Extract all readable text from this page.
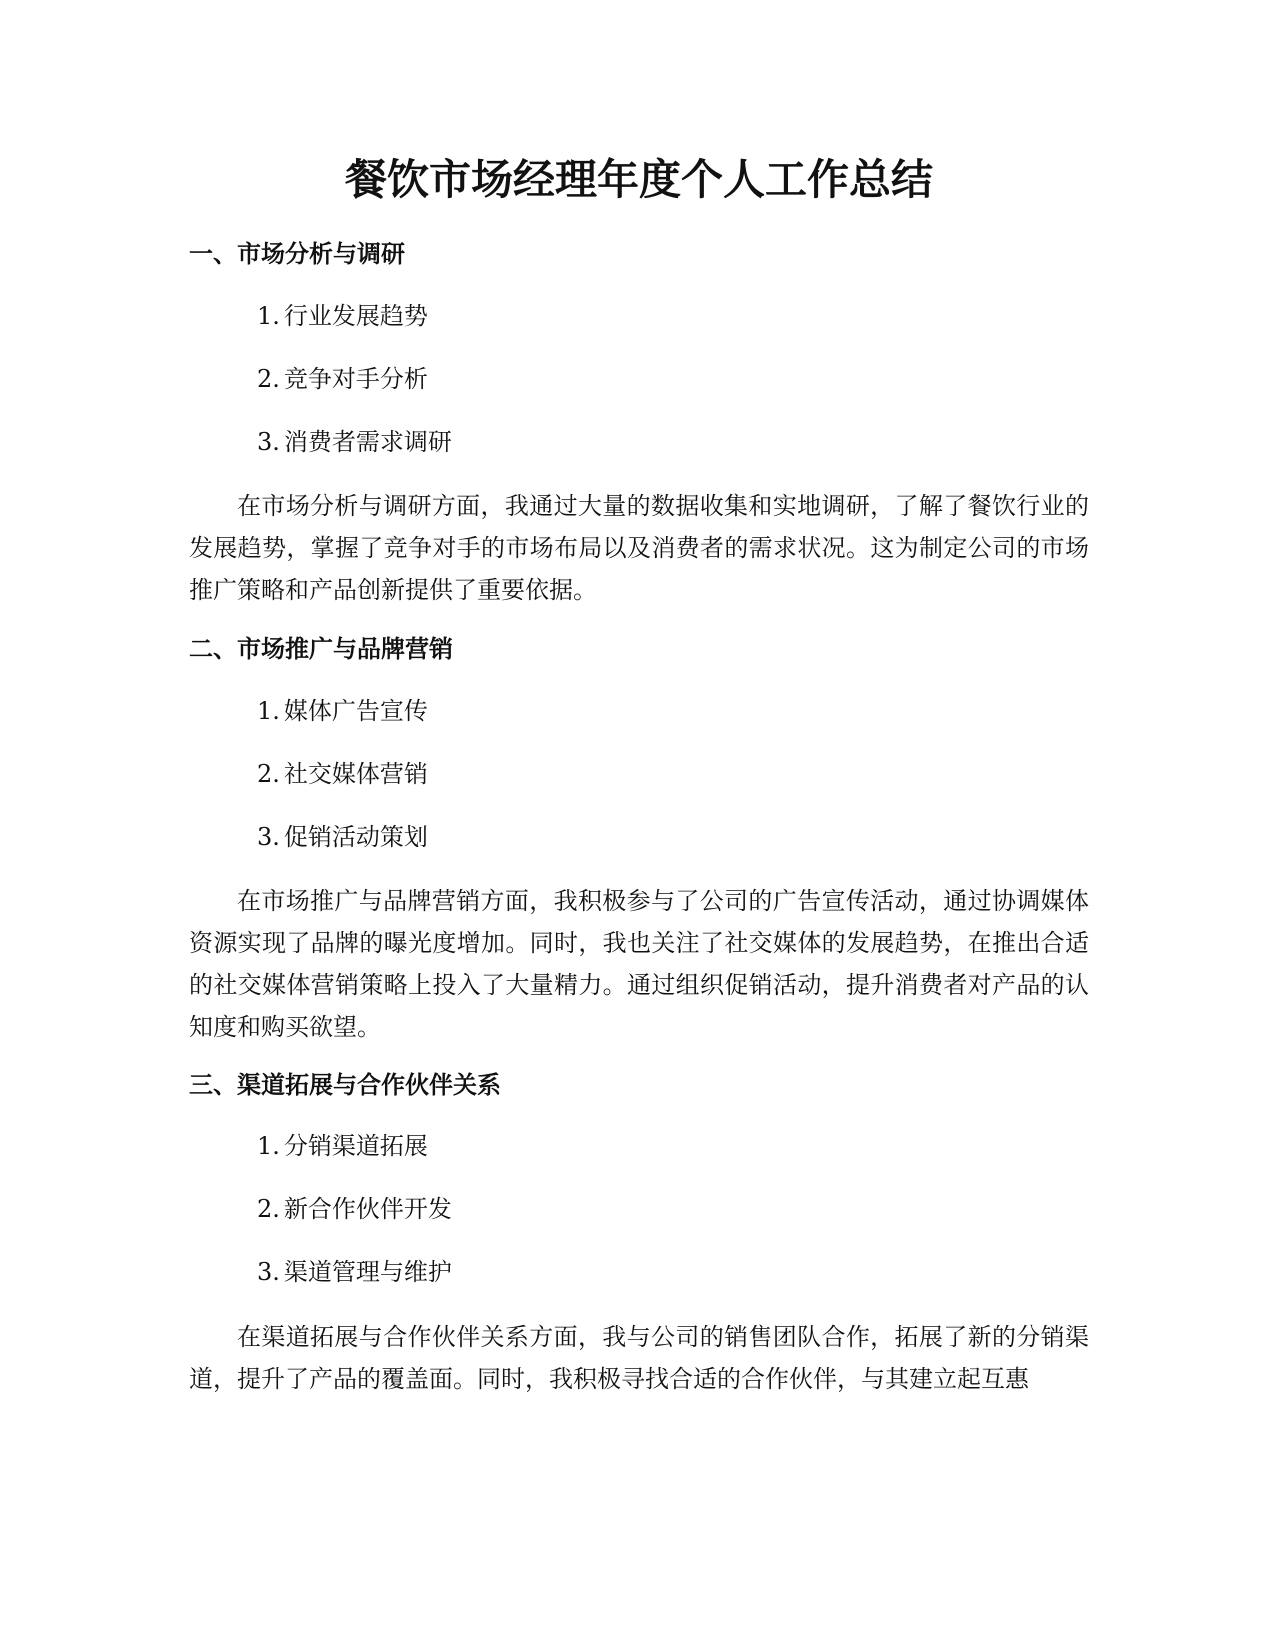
餐饮市场经理年度个人工作总结
一、市场分析与调研

1. 行业发展趋势

2. 竞争对手分析

3. 消费者需求调研

在市场分析与调研方面，我通过大量的数据收集和实地调研，了解了餐饮行业的发展趋势，掌握了竞争对手的市场布局以及消费者的需求状况。这为制定公司的市场推广策略和产品创新提供了重要依据。

二、市场推广与品牌营销

1. 媒体广告宣传

2. 社交媒体营销

3. 促销活动策划

在市场推广与品牌营销方面，我积极参与了公司的广告宣传活动，通过协调媒体资源实现了品牌的曝光度增加。同时，我也关注了社交媒体的发展趋势，在推出合适的社交媒体营销策略上投入了大量精力。通过组织促销活动，提升消费者对产品的认知度和购买欲望。

三、渠道拓展与合作伙伴关系

1. 分销渠道拓展

2. 新合作伙伴开发

3. 渠道管理与维护

在渠道拓展与合作伙伴关系方面，我与公司的销售团队合作，拓展了新的分销渠道，提升了产品的覆盖面。同时，我积极寻找合适的合作伙伴，与其建立起互惠
